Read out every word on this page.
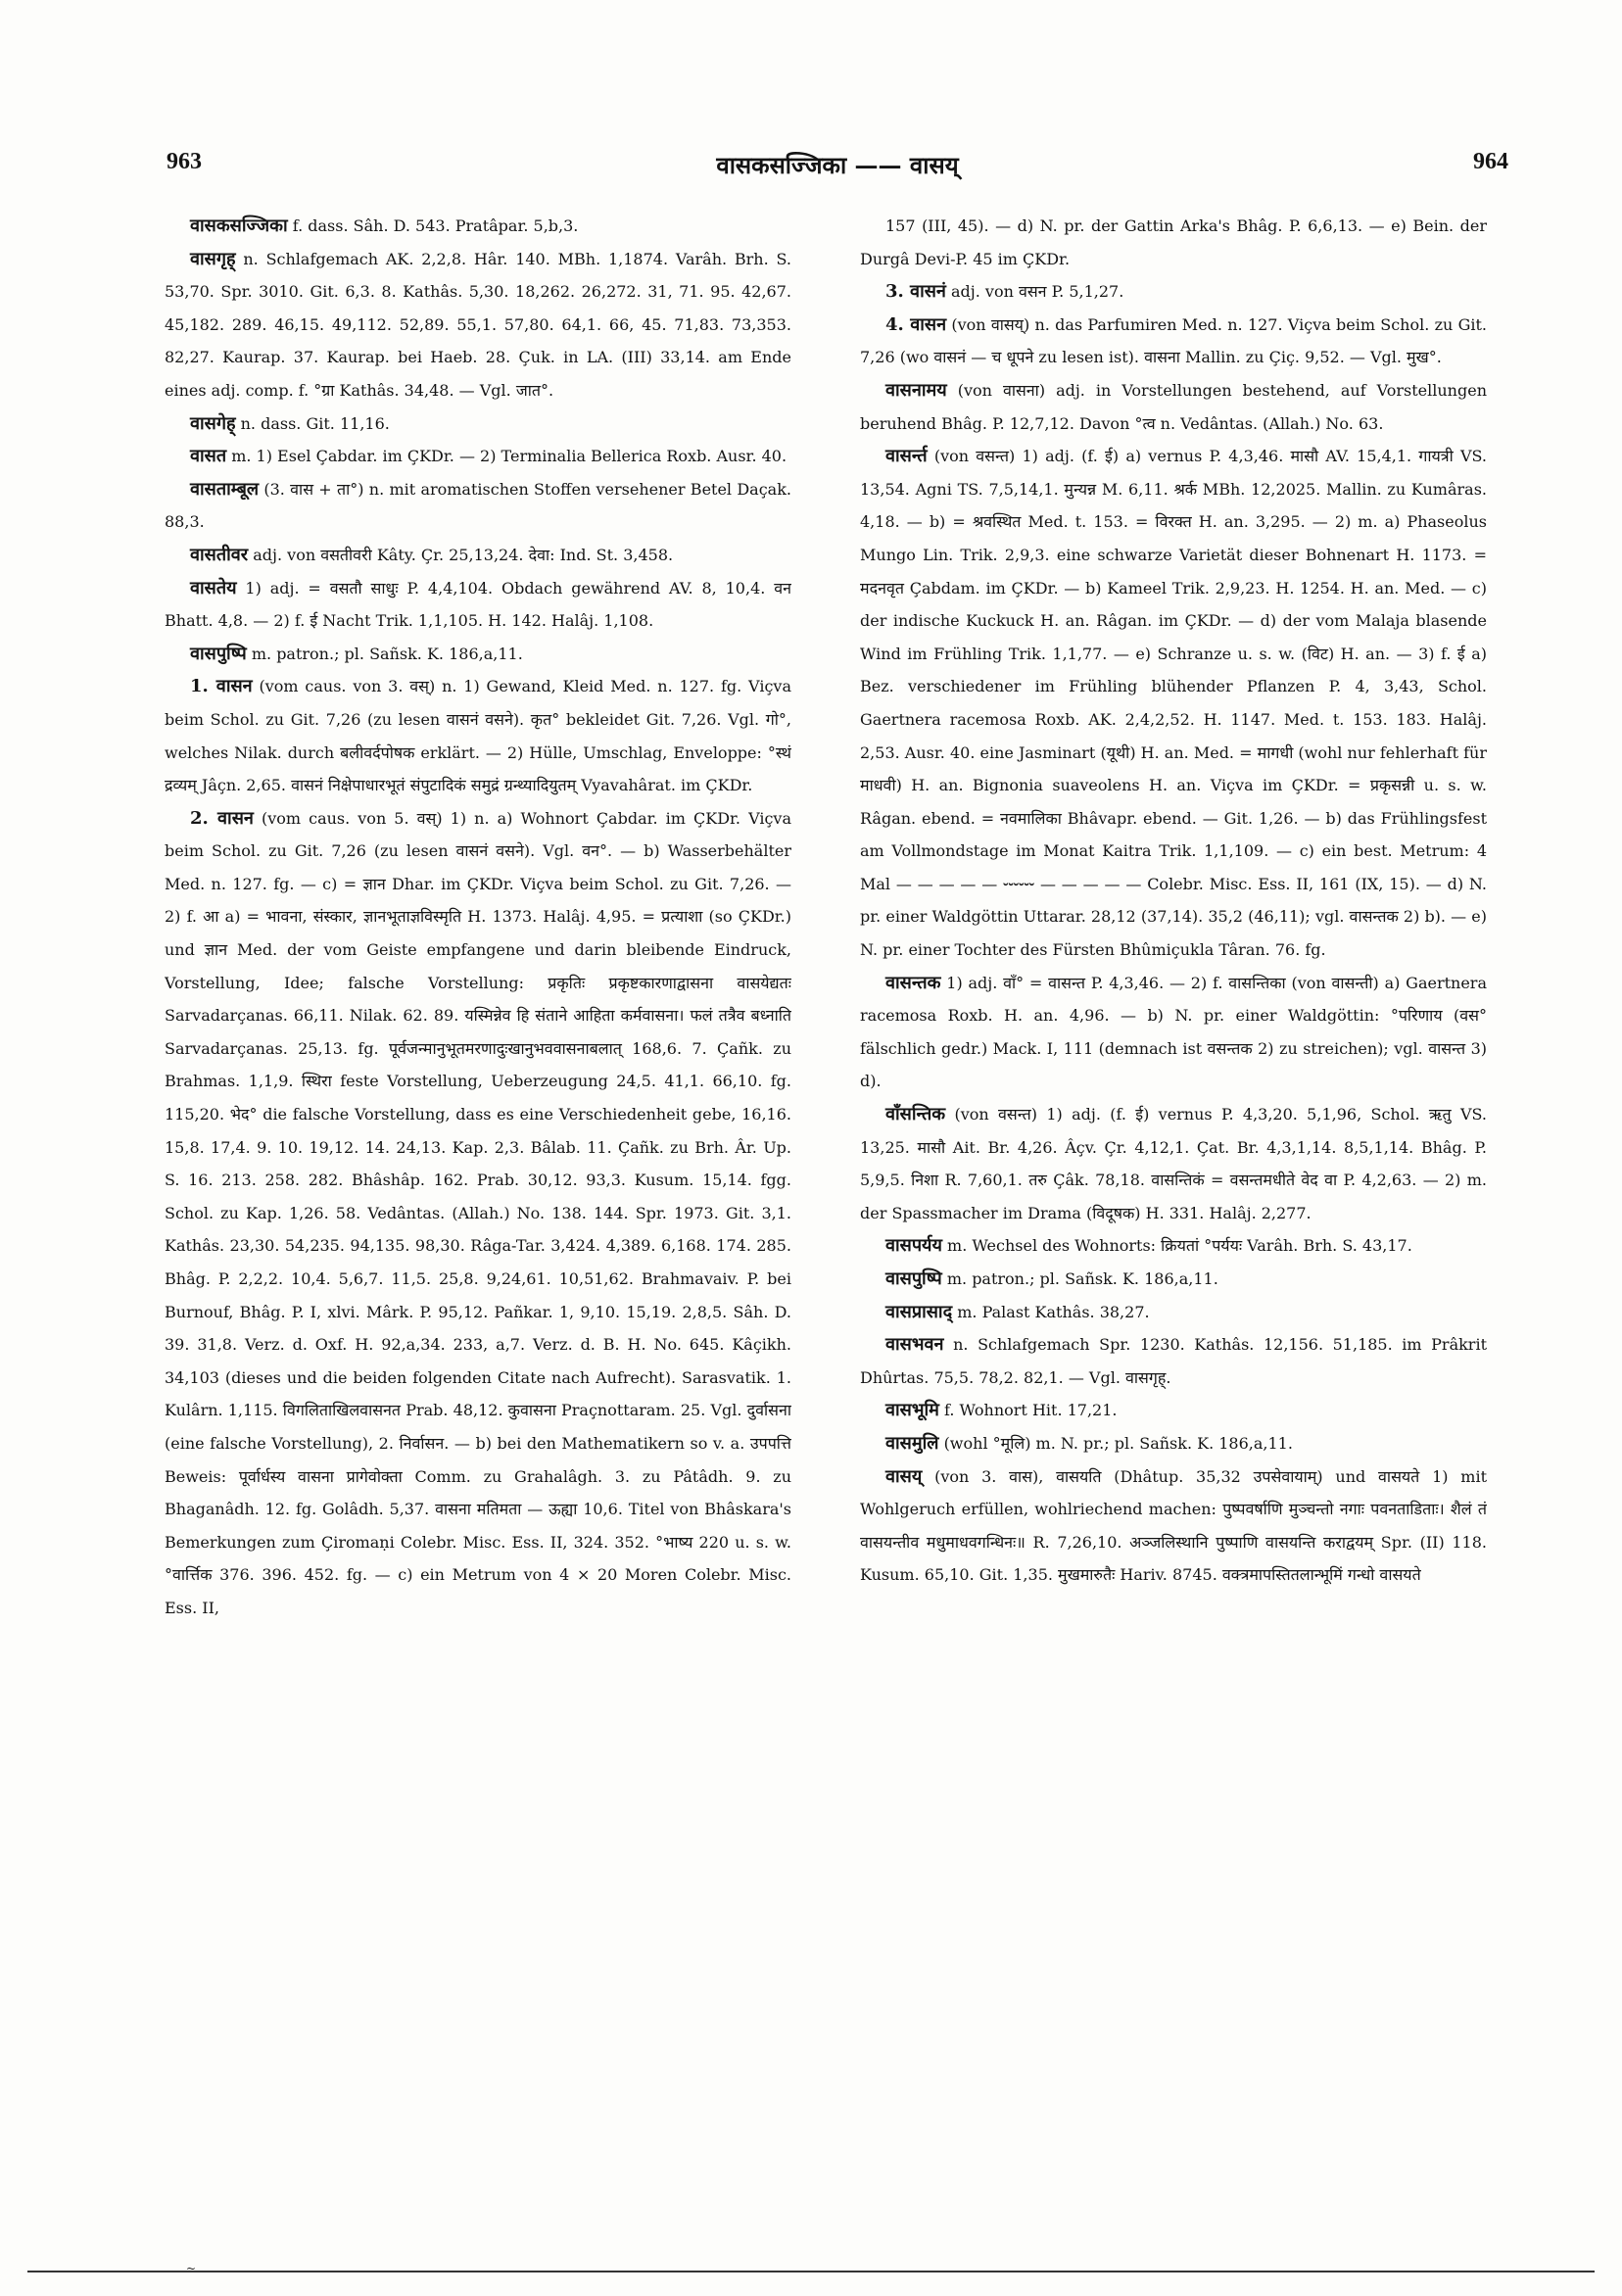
963	वासकसज्जिका —— वासय्	964

वासकसज्जिका f. dass. Sâh. D. 543. Pratâpar. 5,b,3.

वासगृह् n. Schlafgemach AK. 2,2,8. Hâr. 140. MBh. 1,1874. Varâh. Brh. S. 53,70. Spr. 3010. Git. 6,3. 8. Kathâs. 5,30. 18,262. 26,272. 31, 71. 95. 42,67. 45,182. 289. 46,15. 49,112. 52,89. 55,1. 57,80. 64,1. 66, 45. 71,83. 73,353. 82,27. Kaurap. 37. Kaurap. bei Haeb. 28. Çuk. in LA. (III) 33,14. am Ende eines adj. comp. f. °ग्रा Kathâs. 34,48. — Vgl. जात°.

वासगेह् n. dass. Git. 11,16.

वासत m. 1) Esel Çabdar. im ÇKDr. — 2) Terminalia Bellerica Roxb. Ausr. 40.

वासताम्बूल (3. वास + ता°) n. mit aromatischen Stoffen versehener Betel Daçak. 88,3.

वासतीवर adj. von वसतीवरी Kâty. Çr. 25,13,24. देवा: Ind. St. 3,458.

वासतेय 1) adj. = वसतौ साधुः P. 4,4,104. Obdach gewährend AV. 8, 10,4. वन Bhatt. 4,8. — 2) f. ई Nacht Trik. 1,1,105. H. 142. Halâj. 1,108.

वासपुष्पि m. patron.; pl. Sañsk. K. 186,a,11.

1. वासन (vom caus. von 3. वस्) n. 1) Gewand, Kleid Med. n. 127. fg. Viçva beim Schol. zu Git. 7,26 (zu lesen वासनं वसने). कृत° bekleidet Git. 7,26. Vgl. गो°, welches Nilak. durch बलीवर्दपोषक erklärt. — 2) Hülle, Umschlag, Enveloppe: °स्थं द्रव्यम् Jâçn. 2,65. वासनं निक्षेपाधारभूतं संपुटादिकं समुद्रं ग्रन्थ्यादियुतम् Vyavahârat. im ÇKDr.

2. वासन (vom caus. von 5. वस्) 1) n. a) Wohnort Çabdar. im ÇKDr. Viçva beim Schol. zu Git. 7,26 (zu lesen वासनं वसने). Vgl. वन°. — b) Wasserbehälter Med. n. 127. fg. — c) = ज्ञान Dhar. im ÇKDr. Viçva beim Schol. zu Git. 7,26. — 2) f. आ a) = भावना, संस्कार, ज्ञानभूताज्ञविस्मृति H. 1373. Halâj. 4,95. = प्रत्याशा (so ÇKDr.) und ज्ञान Med. der vom Geiste empfangene und darin bleibende Eindruck, Vorstellung, Idee; falsche Vorstellung: प्रकृतिः प्रकृष्टकारणाद्वासना वासयेद्यतः Sarvadarçanas. 66,11. Nilak. 62. 89. यस्मिन्नेव हि संताने आहिता कर्मवासना। फलं तत्रैव बध्नाति Sarvadarçanas. 25,13. fg. पूर्वजन्मानुभूतमरणादुःखानुभववासनाबलात् 168,6. 7. Çañk. zu Brahmas. 1,1,9. स्थिरा feste Vorstellung, Ueberzeugung 24,5. 41,1. 66,10. fg. 115,20. भेद° die falsche Vorstellung, dass es eine Verschiedenheit gebe, 16,16. 15,8. 17,4. 9. 10. 19,12. 14. 24,13. Kap. 2,3. Bâlab. 11. Çañk. zu Brh. Âr. Up. S. 16. 213. 258. 282. Bhâshâp. 162. Prab. 30,12. 93,3. Kusum. 15,14. fgg. Schol. zu Kap. 1,26. 58. Vedântas. (Allah.) No. 138. 144. Spr. 1973. Git. 3,1. Kathâs. 23,30. 54,235. 94,135. 98,30. Râga-Tar. 3,424. 4,389. 6,168. 174. 285. Bhâg. P. 2,2,2. 10,4. 5,6,7. 11,5. 25,8. 9,24,61. 10,51,62. Brahmavaiv. P. bei Burnouf, Bhâg. P. I, xlvi. Mârk. P. 95,12. Pañkar. 1, 9,10. 15,19. 2,8,5. Sâh. D. 39. 31,8. Verz. d. Oxf. H. 92,a,34. 233, a,7. Verz. d. B. H. No. 645. Kâçikh. 34,103 (dieses und die beiden folgenden Citate nach Aufrecht). Sarasvatik. 1. Kulârn. 1,115. विगलिताखिलवासनत Prab. 48,12. कुवासना Praçnottaram. 25. Vgl. दुर्वासना (eine falsche Vorstellung), 2. निर्वासन. — b) bei den Mathematikern so v. a. उपपत्ति Beweis: पूर्वार्धस्य वासना प्रागेवोक्ता Comm. zu Grahalâgh. 3. zu Pâtâdh. 9. zu Bhaganâdh. 12. fg. Golâdh. 5,37. वासना मतिमता — ऊह्या 10,6. Titel von Bhâskara's Bemerkungen zum Çiromaṇi Colebr. Misc. Ess. II, 324. 352. °भाष्य 220 u. s. w. °वार्त्तिक 376. 396. 452. fg. — c) ein Metrum von 4 × 20 Moren Colebr. Misc. Ess. II,

157 (III, 45). — d) N. pr. der Gattin Arka's Bhâg. P. 6,6,13. — e) Bein. der Durgâ Devi-P. 45 im ÇKDr.

3. वासनं adj. von वसन P. 5,1,27.

4. वासन (von वासय्) n. das Parfumiren Med. n. 127. Viçva beim Schol. zu Git. 7,26 (wo वासनं — च धूपने zu lesen ist). वासना Mallin. zu Çiç. 9,52. — Vgl. मुख°.

वासनामय (von वासना) adj. in Vorstellungen bestehend, auf Vorstellungen beruhend Bhâg. P. 12,7,12. Davon °त्व n. Vedântas. (Allah.) No. 63.

वासर्न्त (von वसन्त) 1) adj. (f. ई) a) vernus P. 4,3,46. मासौ AV. 15,4,1. गायत्री VS. 13,54. Agni TS. 7,5,14,1. मुन्यन्न M. 6,11. श्रर्क MBh. 12,2025. Mallin. zu Kumâras. 4,18. — b) = श्रवस्थित Med. t. 153. = विरक्त H. an. 3,295. — 2) m. a) Phaseolus Mungo Lin. Trik. 2,9,3. eine schwarze Varietät dieser Bohnenart H. 1173. = मदनवृत Çabdam. im ÇKDr. — b) Kameel Trik. 2,9,23. H. 1254. H. an. Med. — c) der indische Kuckuck H. an. Râgan. im ÇKDr. — d) der vom Malaja blasende Wind im Frühling Trik. 1,1,77. — e) Schranze u. s. w. (विट) H. an. — 3) f. ई a) Bez. verschiedener im Frühling blühender Pflanzen P. 4, 3,43, Schol. Gaertnera racemosa Roxb. AK. 2,4,2,52. H. 1147. Med. t. 153. 183. Halâj. 2,53. Ausr. 40. eine Jasminart (यूथी) H. an. Med. = मागधी (wohl nur fehlerhaft für माधवी) H. an. Bignonia suaveolens H. an. Viçva im ÇKDr. = प्रकृसन्नी u. s. w. Râgan. ebend. = नवमालिका Bhâvapr. ebend. — Git. 1,26. — b) das Frühlingsfest am Vollmondstage im Monat Kaitra Trik. 1,1,109. — c) ein best. Metrum: 4 Mal — — — — — ⏑⏑⏑⏑⏑⏑ — — — — — Colebr. Misc. Ess. II, 161 (IX, 15). — d) N. pr. einer Waldgöttin Uttarar. 28,12 (37,14). 35,2 (46,11); vgl. वासन्तक 2) b). — e) N. pr. einer Tochter des Fürsten Bhûmiçukla Târan. 76. fg.

वासन्तक 1) adj. वाँ° = वासन्त P. 4,3,46. — 2) f. वासन्तिका (von वासन्ती) a) Gaertnera racemosa Roxb. H. an. 4,96. — b) N. pr. einer Waldgöttin: °परिणाय (वस° fälschlich gedr.) Mack. I, 111 (demnach ist वसन्तक 2) zu streichen); vgl. वासन्त 3) d).

वाँसन्तिक (von वसन्त) 1) adj. (f. ई) vernus P. 4,3,20. 5,1,96, Schol. ऋतु VS. 13,25. मासौ Ait. Br. 4,26. Âçv. Çr. 4,12,1. Çat. Br. 4,3,1,14. 8,5,1,14. Bhâg. P. 5,9,5. निशा R. 7,60,1. तरु Çâk. 78,18. वासन्तिकं = वसन्तमधीते वेद वा P. 4,2,63. — 2) m. der Spassmacher im Drama (विदूषक) H. 331. Halâj. 2,277.

वासपर्यय m. Wechsel des Wohnorts: क्रियतां °पर्ययः Varâh. Brh. S. 43,17.

वासपुष्पि m. patron.; pl. Sañsk. K. 186,a,11.

वासप्रासाद् m. Palast Kathâs. 38,27.

वासभवन n. Schlafgemach Spr. 1230. Kathâs. 12,156. 51,185. im Prâkrit Dhûrtas. 75,5. 78,2. 82,1. — Vgl. वासगृह्.

वासभूमि f. Wohnort Hit. 17,21.

वासमुलि (wohl °मूलि) m. N. pr.; pl. Sañsk. K. 186,a,11.

वासय् (von 3. वास), वासयति (Dhâtup. 35,32 उपसेवायाम्) und वासयते 1) mit Wohlgeruch erfüllen, wohlriechend machen: पुष्पवर्षाणि मुञ्चन्तो नगाः पवनताडिताः। शैलं तं वासयन्तीव मधुमाधवगन्धिनः॥ R. 7,26,10. अञ्जलिस्थानि पुष्पाणि वासयन्ति कराद्वयम् Spr. (II) 118. Kusum. 65,10. Git. 1,35. मुखमारुतैः Hariv. 8745. वक्त्रमापस्तितलान्भूमिं गन्धो वासयते

~
